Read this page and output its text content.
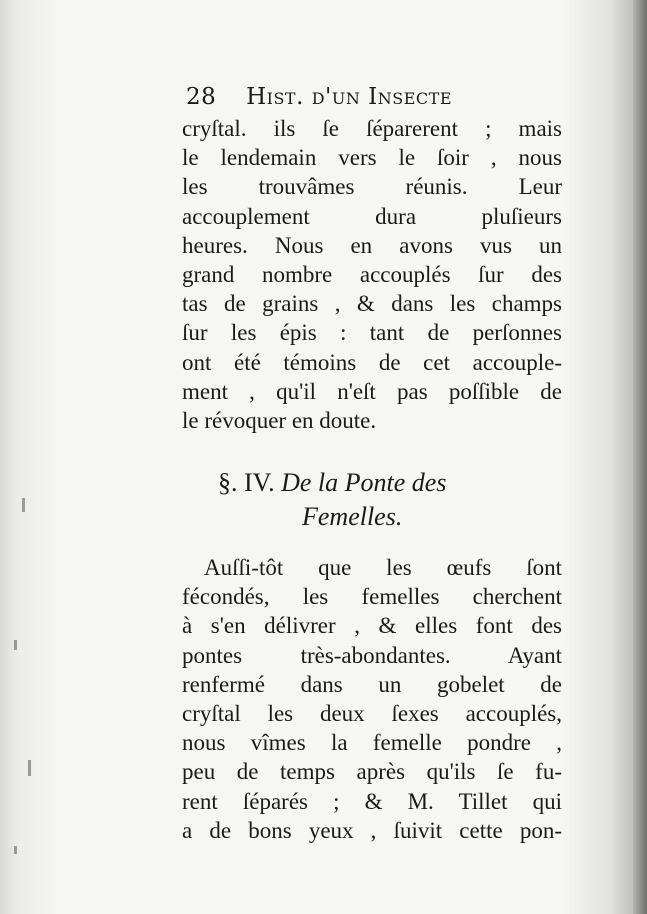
28 Hist. d'un Insecte
cryſtal. ils ſe ſéparerent ; mais
le lendemain vers le ſoir , nous
les trouvâmes réunis. Leur
accouplement dura pluſieurs
heures. Nous en avons vus un
grand nombre accouplés ſur des
tas de grains , & dans les champs
ſur les épis : tant de perſonnes
ont été témoins de cet accouple-
ment , qu'il n'eſt pas poſſible de
le révoquer en doute.
§. IV. De la Ponte des
Femelles.
Auſſi-tôt que les œufs ſont
fécondés, les femelles cherchent
à s'en délivrer , & elles font des
pontes très-abondantes. Ayant
renfermé dans un gobelet de
cryſtal les deux ſexes accouplés,
nous vîmes la femelle pondre ,
peu de temps après qu'ils ſe fu-
rent ſéparés ; & M. Tillet qui
a de bons yeux , ſuivit cette pon-
